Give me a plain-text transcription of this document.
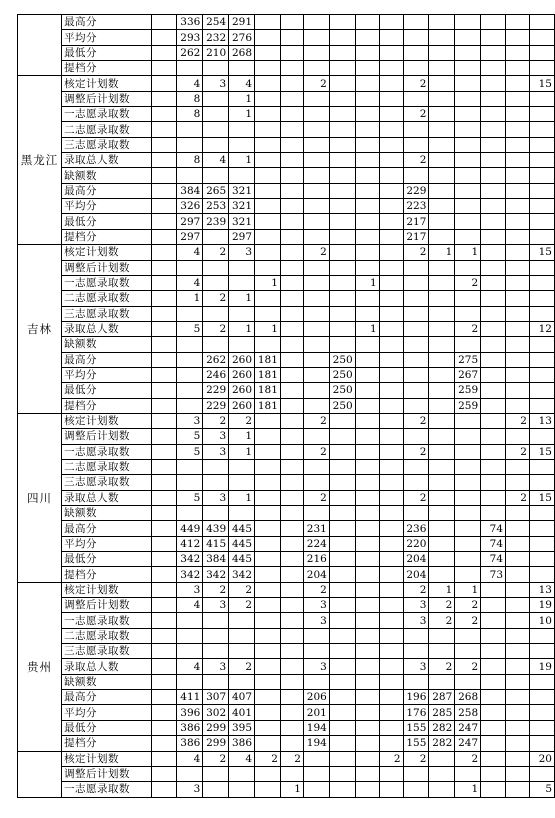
	最高分		336	254	291												
	平均分		293	232	276												
	最低分		262	210	268												
	提档分																
黑龙江	核定计划数		4	3	4			2				2					15
	调整后计划数		8		1												
	一志愿录取数		8		1							2					
	二志愿录取数																
	三志愿录取数																
	录取总人数		8	4	1							2					
	缺额数																
	最高分		384	265	321							229					
	平均分		326	253	321							223					
	最低分		297	239	321							217					
	提档分		297		297							217					
吉林	核定计划数		4	2	3			2				2	1	1			15
	调整后计划数																
	一志愿录取数		4			1				1				2			
	二志愿录取数		1	2	1												
	三志愿录取数																
	录取总人数		5	2	1	1				1				2			12
	缺额数																
	最高分			262	260	181			250					275			
	平均分			246	260	181			250					267			
	最低分			229	260	181			250					259			
	提档分			229	260	181			250					259			
四川	核定计划数		3	2	2			2				2				2	13
	调整后计划数		5	3	1												
	一志愿录取数		5	3	1			2				2				2	15
	二志愿录取数																
	三志愿录取数																
	录取总人数		5	3	1			2				2				2	15
	缺额数																
	最高分		449	439	445			231				236			74		
	平均分		412	415	445			224				220			74		
	最低分		342	384	445			216				204			74		
	提档分		342	342	342			204				204			73		
贵州	核定计划数		3	2	2			2				2	1	1			13
	调整后计划数		4	3	2			3				3	2	2			19
	一志愿录取数							3				3	2	2			10
	二志愿录取数																
	三志愿录取数																
	录取总人数		4	3	2			3				3	2	2			19
	缺额数																
	最高分		411	307	407			206				196	287	268			
	平均分		396	302	401			201				176	285	258			
	最低分		386	299	395			194				155	282	247			
	提档分		386	299	386			194				155	282	247			
	核定计划数		4	2	4	2	2				2	2		2			20
	调整后计划数																
	一志愿录取数		3				1							1			5
